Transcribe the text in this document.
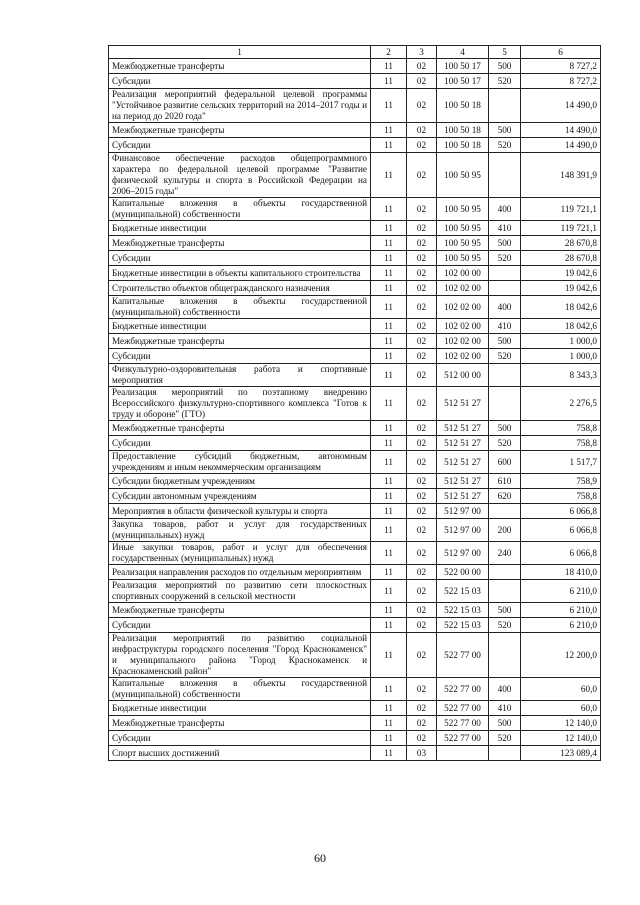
1	2	3	4	5	6
Межбюджетные трансферты	11	02	100 50 17	500	8 727,2
Субсидии	11	02	100 50 17	520	8 727,2
Реализация мероприятий федеральной целевой программы "Устойчивое развитие сельских территорий на 2014–2017 годы и на период до 2020 года"	11	02	100 50 18		14 490,0
Межбюджетные трансферты	11	02	100 50 18	500	14 490,0
Субсидии	11	02	100 50 18	520	14 490,0
Финансовое обеспечение расходов общепрограммного характера по федеральной целевой программе "Развитие физической культуры и спорта в Российской Федерации на 2006–2015 годы"	11	02	100 50 95		148 391,9
Капитальные вложения в объекты государственной (муниципальной) собственности	11	02	100 50 95	400	119 721,1
Бюджетные инвестиции	11	02	100 50 95	410	119 721,1
Межбюджетные трансферты	11	02	100 50 95	500	28 670,8
Субсидии	11	02	100 50 95	520	28 670,8
Бюджетные инвестиции в объекты капитального строительства	11	02	102 00 00		19 042,6
Строительство объектов общегражданского назначения	11	02	102 02 00		19 042,6
Капитальные вложения в объекты государственной (муниципальной) собственности	11	02	102 02 00	400	18 042,6
Бюджетные инвестиции	11	02	102 02 00	410	18 042,6
Межбюджетные трансферты	11	02	102 02 00	500	1 000,0
Субсидии	11	02	102 02 00	520	1 000,0
Физкультурно-оздоровительная работа и спортивные мероприятия	11	02	512 00 00		8 343,3
Реализация мероприятий по поэтапному внедрению Всероссийского физкультурно-спортивного комплекса "Готов к труду и обороне" (ГТО)	11	02	512 51 27		2 276,5
Межбюджетные трансферты	11	02	512 51 27	500	758,8
Субсидии	11	02	512 51 27	520	758,8
Предоставление субсидий бюджетным, автономным учреждениям и иным некоммерческим организациям	11	02	512 51 27	600	1 517,7
Субсидии бюджетным учреждениям	11	02	512 51 27	610	758,9
Субсидии автономным учреждениям	11	02	512 51 27	620	758,8
Мероприятия в области физической культуры и спорта	11	02	512 97 00		6 066,8
Закупка товаров, работ и услуг для государственных (муниципальных) нужд	11	02	512 97 00	200	6 066,8
Иные закупки товаров, работ и услуг для обеспечения государственных (муниципальных) нужд	11	02	512 97 00	240	6 066,8
Реализация направления расходов по отдельным мероприятиям	11	02	522 00 00		18 410,0
Реализация мероприятий по развитию сети плоскостных спортивных сооружений в сельской местности	11	02	522 15 03		6 210,0
Межбюджетные трансферты	11	02	522 15 03	500	6 210,0
Субсидии	11	02	522 15 03	520	6 210,0
Реализация мероприятий по развитию социальной инфраструктуры городского поселения "Город Краснокаменск" и муниципального района "Город Краснокаменск и Краснокаменский район"	11	02	522 77 00		12 200,0
Капитальные вложения в объекты государственной (муниципальной) собственности	11	02	522 77 00	400	60,0
Бюджетные инвестиции	11	02	522 77 00	410	60,0
Межбюджетные трансферты	11	02	522 77 00	500	12 140,0
Субсидии	11	02	522 77 00	520	12 140,0
Спорт высших достижений	11	03			123 089,4
60
